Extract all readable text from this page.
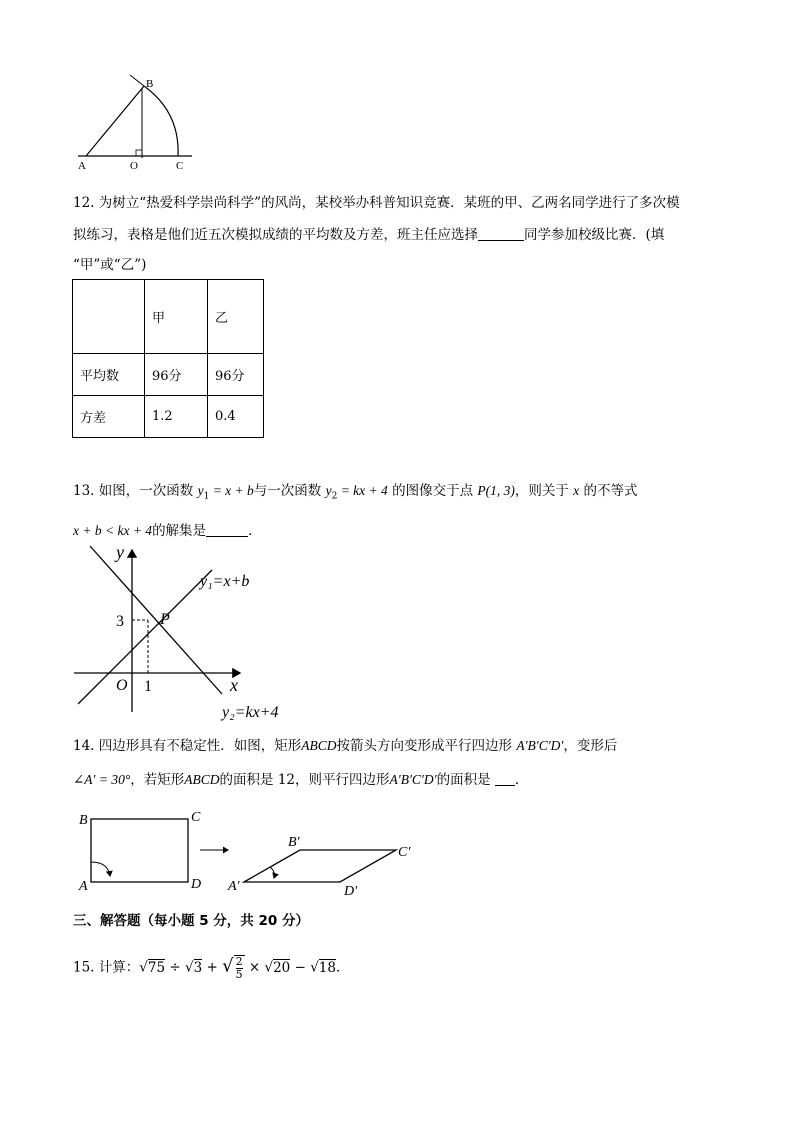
A
B
O	C
12. 为树立“热爱科学崇尚科学”的风尚，某校举办科普知识竞赛．某班的甲、乙两名同学进行了多次模
拟练习，表格是他们近五次模拟成绩的平均数及方差，班主任应选择	同学参加校级比赛．(填
“甲”或“乙”)
	甲	乙
平均数	96分	96分
方差	1.2	0.4
13. 如图，一次函数 $y_1 = x + b$与一次函数 $y_2$ = kx + 4 的图像交于点 P(1, 3)，则关于 x 的不等式
x + b < kx + 4的解集是	．
y
x
O 1
3 P
y₁=x+b
y₂=kx+4
14. 四边形具有不稳定性．如图，矩形ABCD按箭头方向变形成平行四边形 A′B′C′D′，变形后
∠A′ = 30°，若矩形ABCD的面积是 12，则平行四边形A′B′C′D′的面积是 ．
B	C
A	D
B′
C′
A′	D′
三、解答题（每小题 5 分，共 20 分）
15. 计算：√75 ÷ √3 + √ $\frac{2}{5} \times √20 - √18$．
